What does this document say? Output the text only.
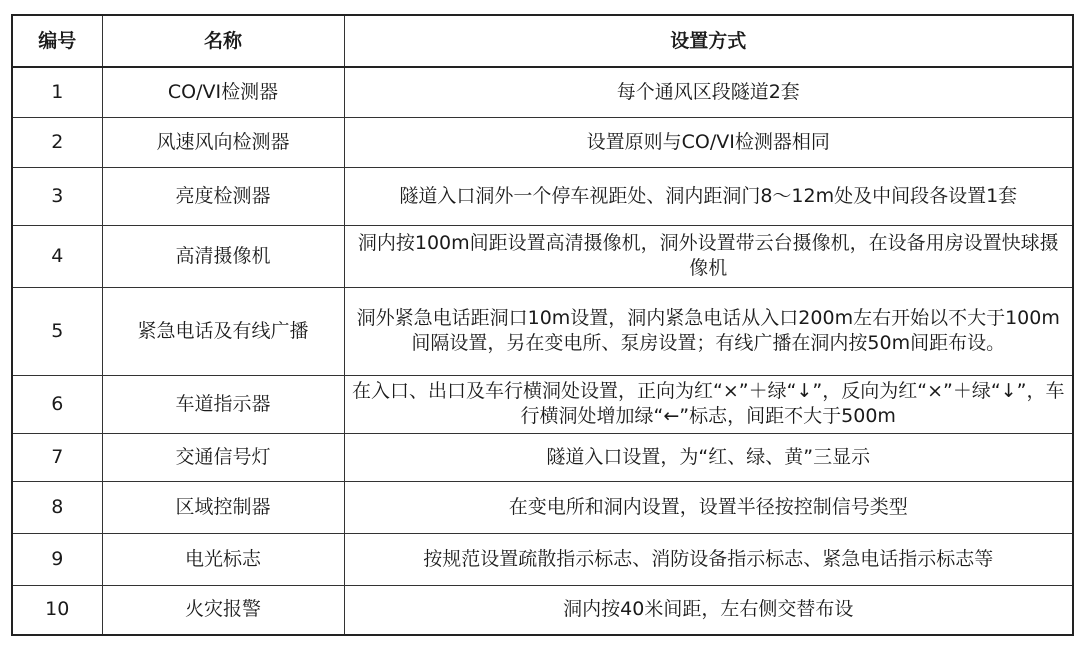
编号	名称	设置方式
1	CO/VI检测器	每个通风区段隧道2套
2	风速风向检测器	设置原则与CO/VI检测器相同
3	亮度检测器	隧道入口洞外一个停车视距处、洞内距洞门8～12m处及中间段各设置1套
4	高清摄像机	洞内按100m间距设置高清摄像机，洞外设置带云台摄像机，在设备用房设置快球摄像机
5	紧急电话及有线广播	洞外紧急电话距洞口10m设置，洞内紧急电话从入口200m左右开始以不大于100m间隔设置，另在变电所、泵房设置；有线广播在洞内按50m间距布设。
6	车道指示器	在入口、出口及车行横洞处设置，正向为红“×”＋绿“↓”，反向为红“×”＋绿“↓”，车行横洞处增加绿“←”标志，间距不大于500m
7	交通信号灯	隧道入口设置，为“红、绿、黄”三显示
8	区域控制器	在变电所和洞内设置，设置半径按控制信号类型
9	电光标志	按规范设置疏散指示标志、消防设备指示标志、紧急电话指示标志等
10	火灾报警	洞内按40米间距，左右侧交替布设
